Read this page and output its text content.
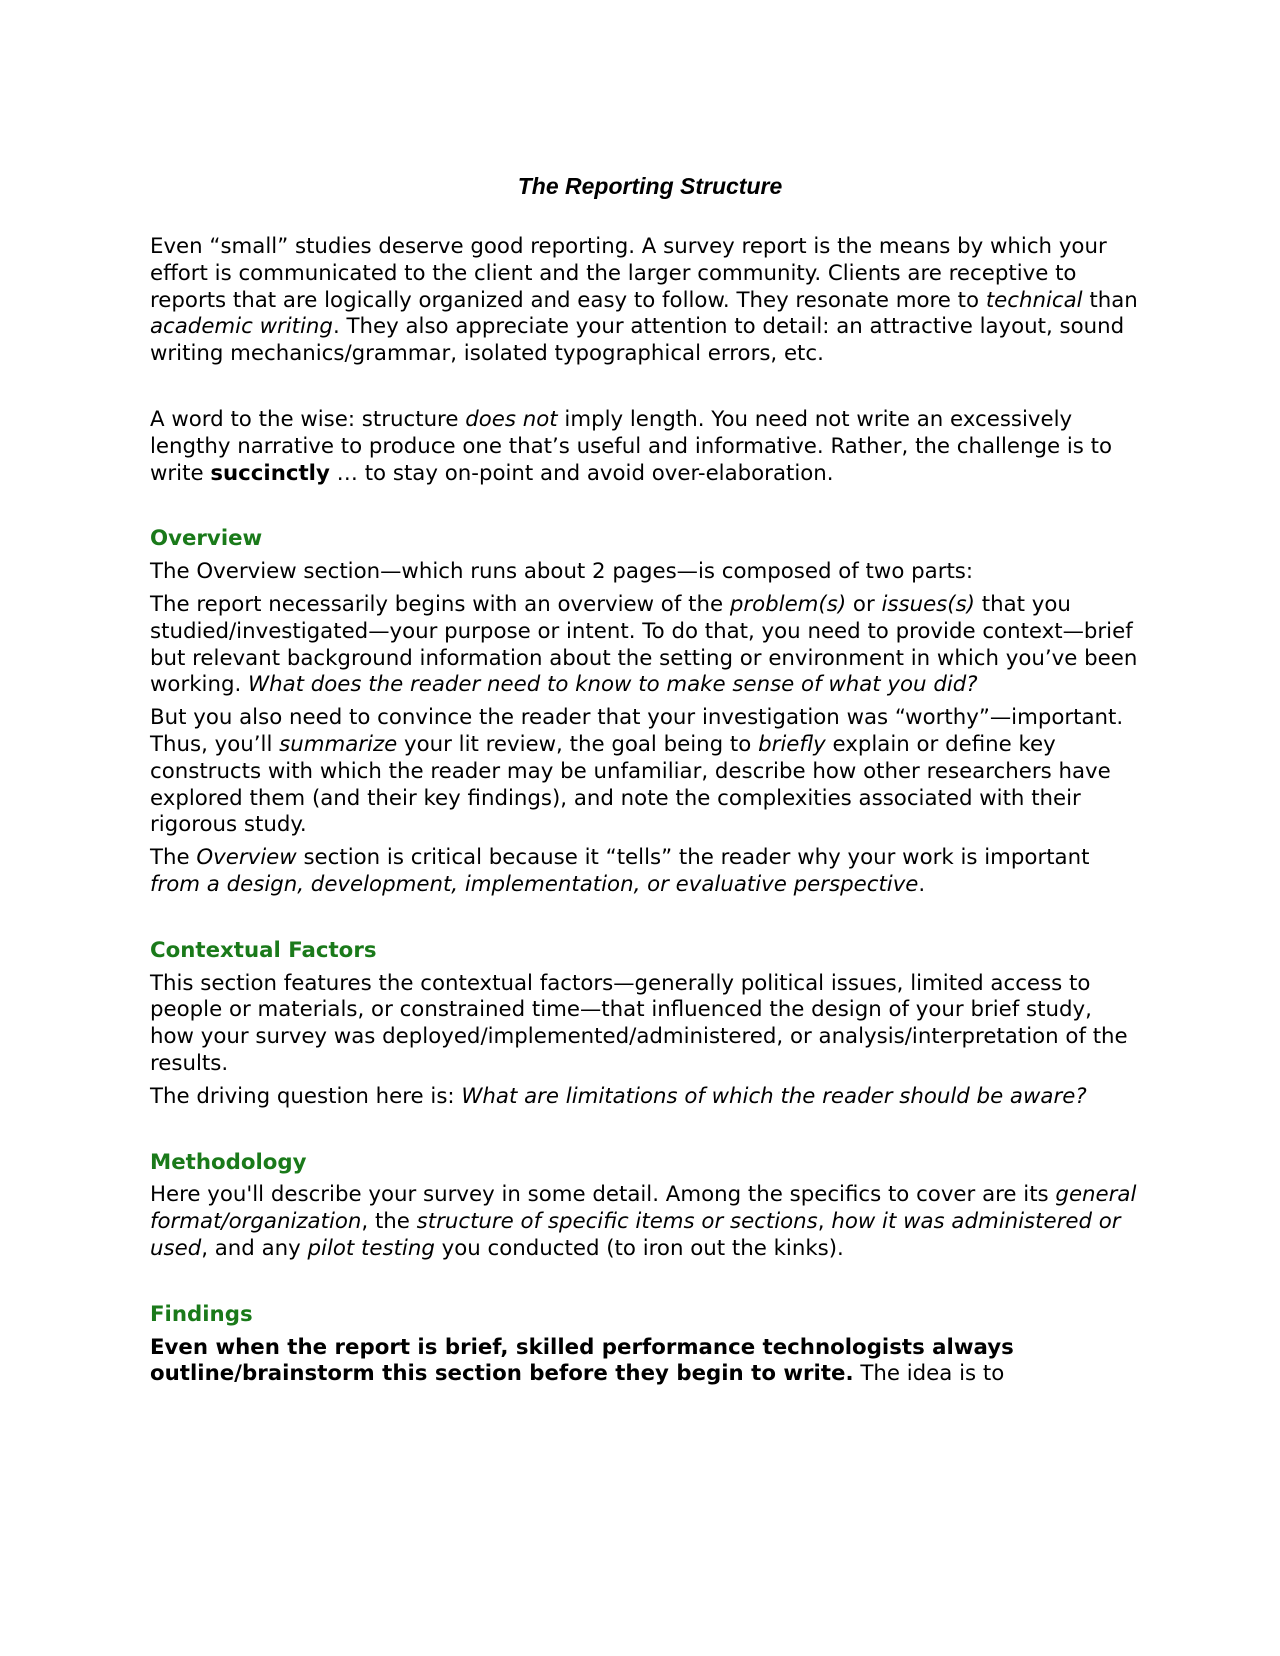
The Reporting Structure

Even “small” studies deserve good reporting. A survey report is the means by which your effort is communicated to the client and the larger community. Clients are receptive to reports that are logically organized and easy to follow. They resonate more to technical than academic writing. They also appreciate your attention to detail: an attractive layout, sound writing mechanics/grammar, isolated typographical errors, etc.

A word to the wise: structure does not imply length. You need not write an excessively lengthy narrative to produce one that’s useful and informative. Rather, the challenge is to write succinctly … to stay on-point and avoid over-elaboration.

Overview

The Overview section—which runs about 2 pages—is composed of two parts:

The report necessarily begins with an overview of the problem(s) or issues(s) that you studied/investigated—your purpose or intent. To do that, you need to provide context—brief but relevant background information about the setting or environment in which you’ve been working. What does the reader need to know to make sense of what you did?

But you also need to convince the reader that your investigation was “worthy”—important. Thus, you’ll summarize your lit review, the goal being to briefly explain or define key constructs with which the reader may be unfamiliar, describe how other researchers have explored them (and their key findings), and note the complexities associated with their rigorous study.

The Overview section is critical because it “tells” the reader why your work is important from a design, development, implementation, or evaluative perspective.

Contextual Factors

This section features the contextual factors—generally political issues, limited access to people or materials, or constrained time—that influenced the design of your brief study, how your survey was deployed/implemented/administered, or analysis/interpretation of the results.

The driving question here is: What are limitations of which the reader should be aware?

Methodology

Here you'll describe your survey in some detail. Among the specifics to cover are its general format/organization, the structure of specific items or sections, how it was administered or used, and any pilot testing you conducted (to iron out the kinks).

Findings

Even when the report is brief, skilled performance technologists always outline/brainstorm this section before they begin to write. The idea is to
